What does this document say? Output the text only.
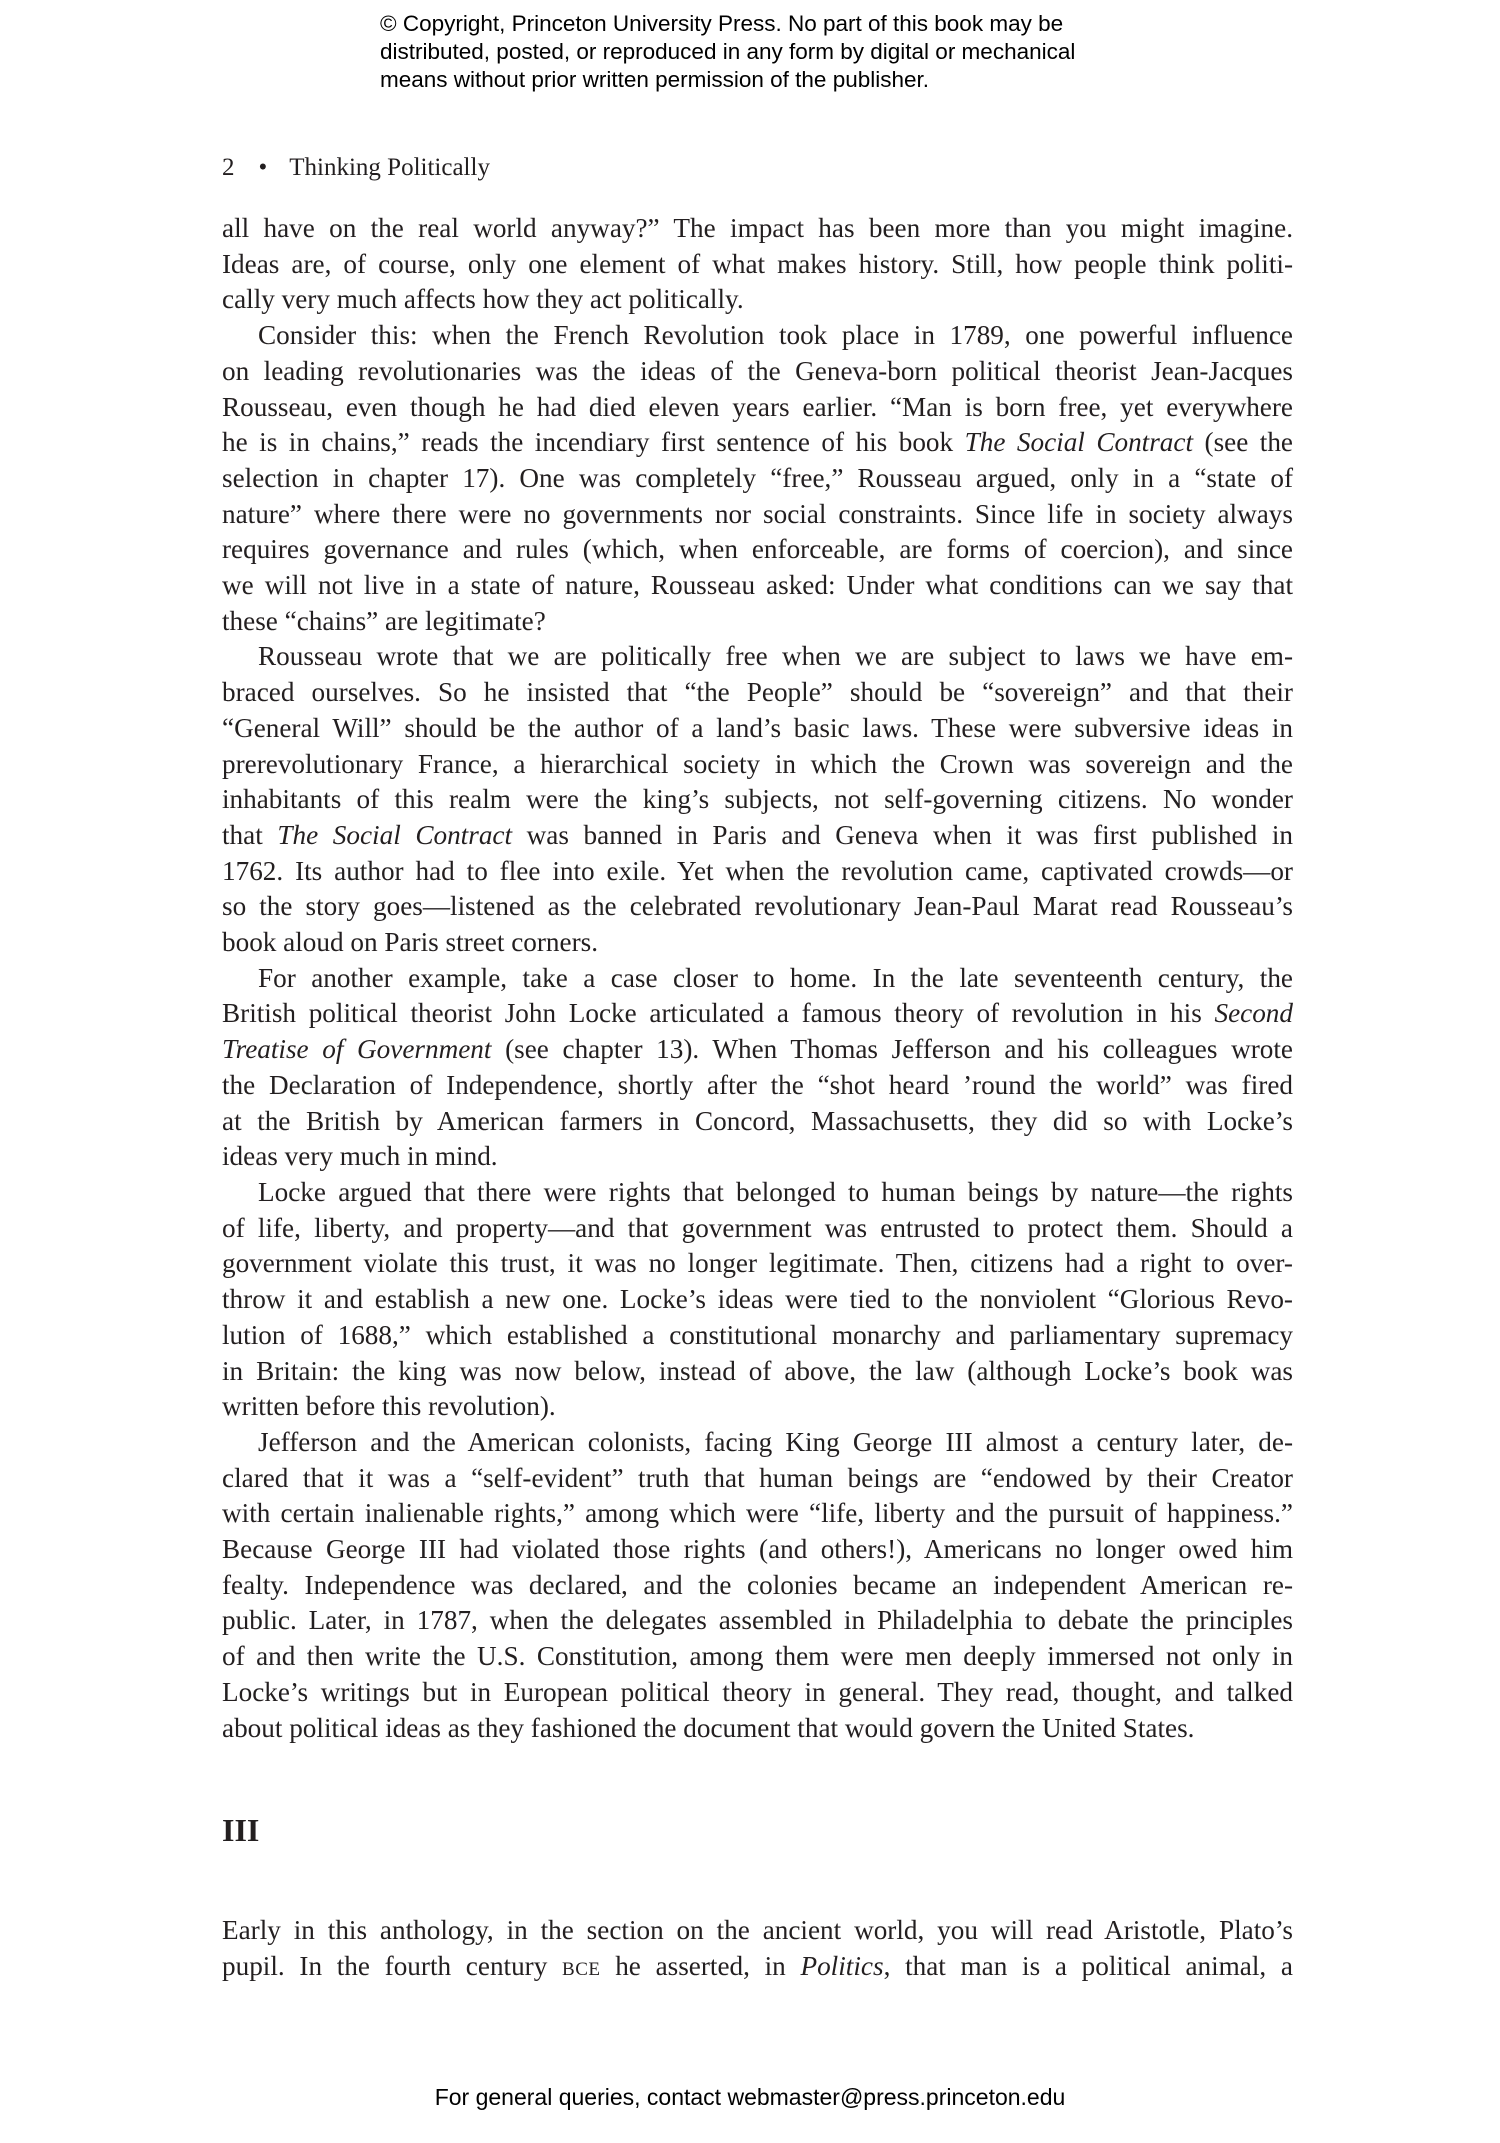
© Copyright, Princeton University Press. No part of this book may be
distributed, posted, or reproduced in any form by digital or mechanical
means without prior written permission of the publisher.
2 • Thinking Politically

all have on the real world anyway?” The impact has been more than you might imagine.
Ideas are, of course, only one element of what makes history. Still, how people think politi-
cally very much affects how they act politically.

Consider this: when the French Revolution took place in 1789, one powerful influence
on leading revolutionaries was the ideas of the Geneva-born political theorist Jean-Jacques
Rousseau, even though he had died eleven years earlier. “Man is born free, yet everywhere
he is in chains,” reads the incendiary first sentence of his book The Social Contract (see the
selection in chapter 17). One was completely “free,” Rousseau argued, only in a “state of
nature” where there were no governments nor social constraints. Since life in society always
requires governance and rules (which, when enforceable, are forms of coercion), and since
we will not live in a state of nature, Rousseau asked: Under what conditions can we say that
these “chains” are legitimate?

Rousseau wrote that we are politically free when we are subject to laws we have em-
braced ourselves. So he insisted that “the People” should be “sovereign” and that their
“General Will” should be the author of a land’s basic laws. These were subversive ideas in
prerevolutionary France, a hierarchical society in which the Crown was sovereign and the
inhabitants of this realm were the king’s subjects, not self-governing citizens. No wonder
that The Social Contract was banned in Paris and Geneva when it was first published in
1762. Its author had to flee into exile. Yet when the revolution came, captivated crowds—or
so the story goes—listened as the celebrated revolutionary Jean-Paul Marat read Rousseau’s
book aloud on Paris street corners.

For another example, take a case closer to home. In the late seventeenth century, the
British political theorist John Locke articulated a famous theory of revolution in his Second
Treatise of Government (see chapter 13). When Thomas Jefferson and his colleagues wrote
the Declaration of Independence, shortly after the “shot heard ’round the world” was fired
at the British by American farmers in Concord, Massachusetts, they did so with Locke’s
ideas very much in mind.

Locke argued that there were rights that belonged to human beings by nature—the rights
of life, liberty, and property—and that government was entrusted to protect them. Should a
government violate this trust, it was no longer legitimate. Then, citizens had a right to over-
throw it and establish a new one. Locke’s ideas were tied to the nonviolent “Glorious Revo-
lution of 1688,” which established a constitutional monarchy and parliamentary supremacy
in Britain: the king was now below, instead of above, the law (although Locke’s book was
written before this revolution).

Jefferson and the American colonists, facing King George III almost a century later, de-
clared that it was a “self-evident” truth that human beings are “endowed by their Creator
with certain inalienable rights,” among which were “life, liberty and the pursuit of happiness.”
Because George III had violated those rights (and others!), Americans no longer owed him
fealty. Independence was declared, and the colonies became an independent American re-
public. Later, in 1787, when the delegates assembled in Philadelphia to debate the principles
of and then write the U.S. Constitution, among them were men deeply immersed not only in
Locke’s writings but in European political theory in general. They read, thought, and talked
about political ideas as they fashioned the document that would govern the United States.

III

Early in this anthology, in the section on the ancient world, you will read Aristotle, Plato’s
pupil. In the fourth century bce he asserted, in Politics, that man is a political animal, a

For general queries, contact webmaster@press.princeton.edu
